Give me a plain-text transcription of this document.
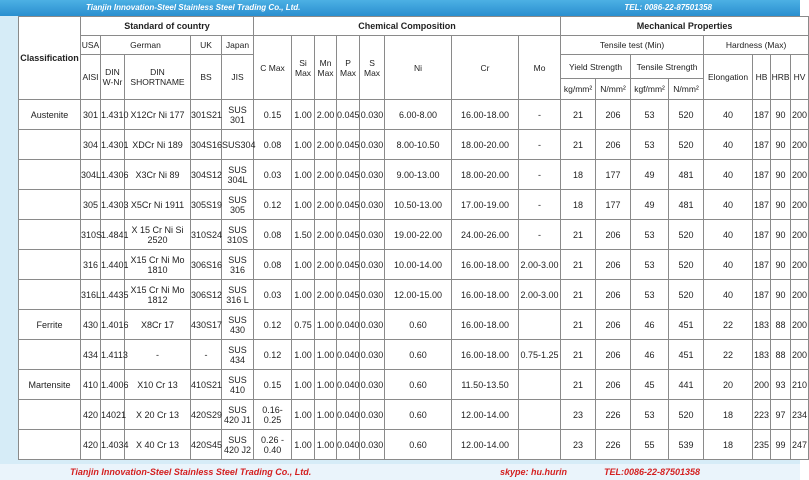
Tianjin Innovation-Steel Stainless Steel Trading Co., Ltd.	TEL: 0086-22-87501358
Classification	Standard of country					Chemical Composition								Mechanical Properties							
	USA	German		UK	Japan	C Max	Si Max	Mn Max	P Max	S Max	Ni	Cr	Mo	Tensile test (Min)				Hardness (Max)			
	AISI	DIN W-Nr	DIN SHORTNAME	BS	JIS									Yield Strength		Tensile Strength		Elongation	HB	HRB	HV
														kg/mm²	N/mm²	kgf/mm²	N/mm²				
Austenite	301	1.4310	X12Cr Ni 177	301S21	SUS 301	0.15	1.00	2.00	0.045	0.030	6.00-8.00	16.00-18.00	-	21	206	53	520	40	187	90	200
	304	1.4301	XDCr Ni 189	304S16	SUS304	0.08	1.00	2.00	0.045	0.030	8.00-10.50	18.00-20.00	-	21	206	53	520	40	187	90	200
	304L	1.4306	X3Cr Ni 89	304S12	SUS 304L	0.03	1.00	2.00	0.045	0.030	9.00-13.00	18.00-20.00	-	18	177	49	481	40	187	90	200
	305	1.4303	X5Cr Ni 1911	305S19	SUS 305	0.12	1.00	2.00	0.045	0.030	10.50-13.00	17.00-19.00	-	18	177	49	481	40	187	90	200
	310S	1.4841	X 15 Cr Ni Si 2520	310S24	SUS 310S	0.08	1.50	2.00	0.045	0.030	19.00-22.00	24.00-26.00	-	21	206	53	520	40	187	90	200
	316	1.4401	X15 Cr Ni Mo 1810	306S16	SUS 316	0.08	1.00	2.00	0.045	0.030	10.00-14.00	16.00-18.00	2.00-3.00	21	206	53	520	40	187	90	200
	316L	1.4435	X15 Cr Ni Mo 1812	306S12	SUS 316 L	0.03	1.00	2.00	0.045	0.030	12.00-15.00	16.00-18.00	2.00-3.00	21	206	53	520	40	187	90	200
Ferrite	430	1.4016	X8Cr 17	430S17	SUS 430	0.12	0.75	1.00	0.040	0.030	0.60	16.00-18.00		21	206	46	451	22	183	88	200
	434	1.4113	-	-	SUS 434	0.12	1.00	1.00	0.040	0.030	0.60	16.00-18.00	0.75-1.25	21	206	46	451	22	183	88	200
Martensite	410	1.4006	X10 Cr 13	410S21	SUS 410	0.15	1.00	1.00	0.040	0.030	0.60	11.50-13.50		21	206	45	441	20	200	93	210
	420	14021	X 20 Cr 13	420S29	SUS 420 J1	0.16-0.25	1.00	1.00	0.040	0.030	0.60	12.00-14.00		23	226	53	520	18	223	97	234
	420	1.4034	X 40 Cr 13	420S45	SUS 420 J2	0.26 - 0.40	1.00	1.00	0.040	0.030	0.60	12.00-14.00		23	226	55	539	18	235	99	247
Tianjin Innovation-Steel Stainless Steel Trading Co., Ltd.	skype: hu.hurin	TEL:0086-22-87501358
